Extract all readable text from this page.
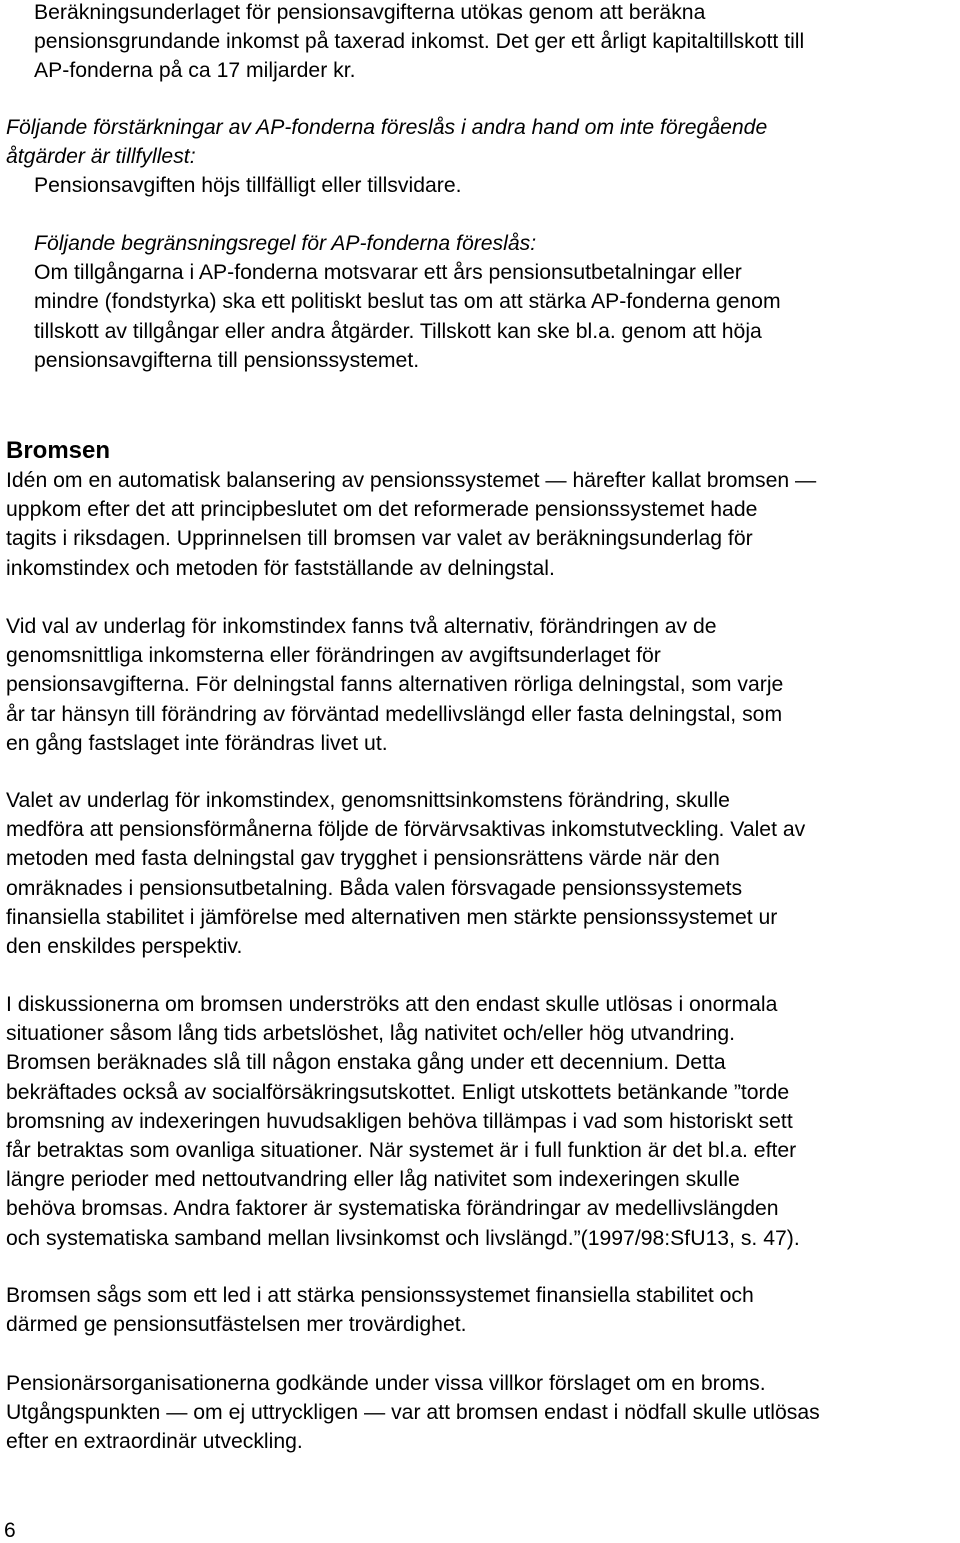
Beräkningsunderlaget för pensionsavgifterna utökas genom att beräkna
pensionsgrundande inkomst på taxerad inkomst. Det ger ett årligt kapitaltillskott till
AP-fonderna på ca 17 miljarder kr.
Följande förstärkningar av AP-fonderna föreslås i andra hand om inte föregående
åtgärder är tillfyllest:
Pensionsavgiften höjs tillfälligt eller tillsvidare.
Följande begränsningsregel för AP-fonderna föreslås:
Om tillgångarna i AP-fonderna motsvarar ett års pensionsutbetalningar eller
mindre (fondstyrka) ska ett politiskt beslut tas om att stärka AP-fonderna genom
tillskott av tillgångar eller andra åtgärder. Tillskott kan ske bl.a. genom att höja
pensionsavgifterna till pensionssystemet.
Bromsen
Idén om en automatisk balansering av pensionssystemet — härefter kallat bromsen —
uppkom efter det att principbeslutet om det reformerade pensionssystemet hade
tagits i riksdagen. Upprinnelsen till bromsen var valet av beräkningsunderlag för
inkomstindex och metoden för fastställande av delningstal.
Vid val av underlag för inkomstindex fanns två alternativ, förändringen av de
genomsnittliga inkomsterna eller förändringen av avgiftsunderlaget för
pensionsavgifterna. För delningstal fanns alternativen rörliga delningstal, som varje
år tar hänsyn till förändring av förväntad medellivslängd eller fasta delningstal, som
en gång fastslaget inte förändras livet ut.
Valet av underlag för inkomstindex, genomsnittsinkomstens förändring, skulle
medföra att pensionsförmånerna följde de förvärvsaktivas inkomstutveckling. Valet av
metoden med fasta delningstal gav trygghet i pensionsrättens värde när den
omräknades i pensionsutbetalning. Båda valen försvagade pensionssystemets
finansiella stabilitet i jämförelse med alternativen men stärkte pensionssystemet ur
den enskildes perspektiv.
I diskussionerna om bromsen underströks att den endast skulle utlösas i onormala
situationer såsom lång tids arbetslöshet, låg nativitet och/eller hög utvandring.
Bromsen beräknades slå till någon enstaka gång under ett decennium. Detta
bekräftades också av socialförsäkringsutskottet. Enligt utskottets betänkande ”torde
bromsning av indexeringen huvudsakligen behöva tillämpas i vad som historiskt sett
får betraktas som ovanliga situationer. När systemet är i full funktion är det bl.a. efter
längre perioder med nettoutvandring eller låg nativitet som indexeringen skulle
behöva bromsas. Andra faktorer är systematiska förändringar av medellivslängden
och systematiska samband mellan livsinkomst och livslängd.”(1997/98:SfU13, s. 47).
Bromsen sågs som ett led i att stärka pensionssystemet finansiella stabilitet och
därmed ge pensionsutfästelsen mer trovärdighet.
Pensionärsorganisationerna godkände under vissa villkor förslaget om en broms.
Utgångspunkten — om ej uttryckligen — var att bromsen endast i nödfall skulle utlösas
efter en extraordinär utveckling.
6
